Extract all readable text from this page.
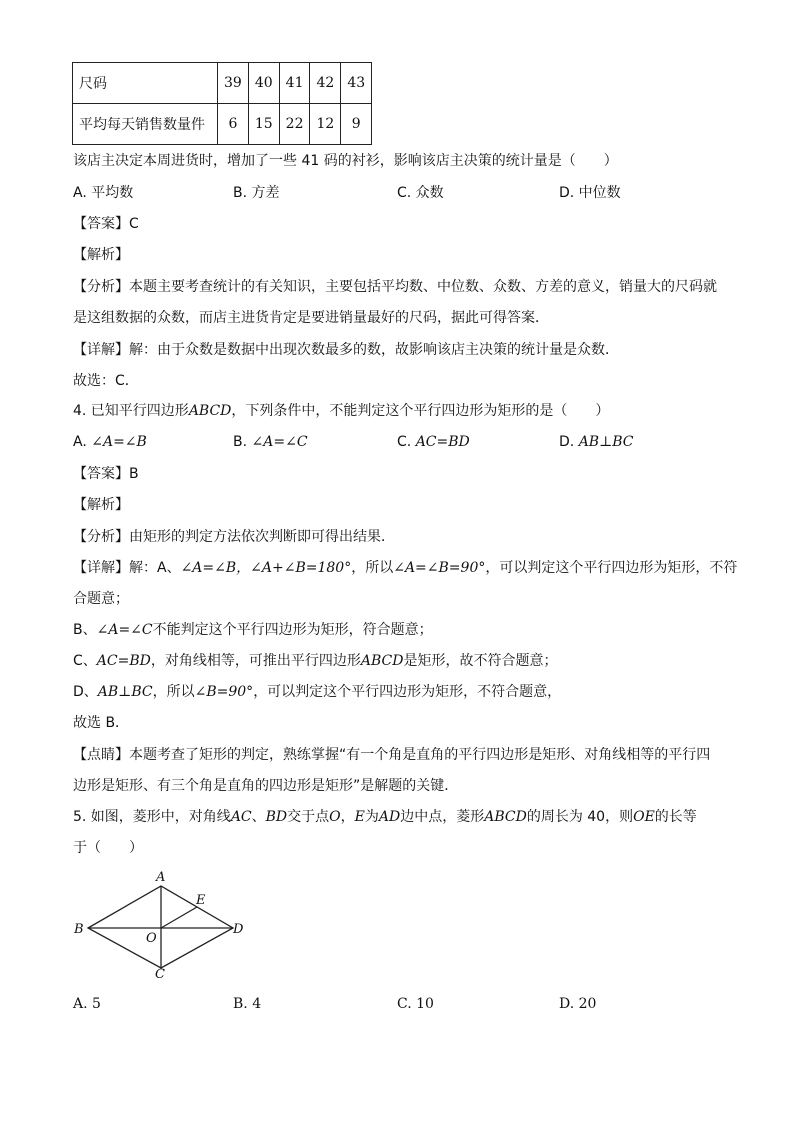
尺码	39	40	41	42	43
平均每天销售数量件	6	15	22	12	9
该店主决定本周进货时，增加了一些 41 码的衬衫，影响该店主决策的统计量是（　　）
A. 平均数	B. 方差	C. 众数	D. 中位数
【答案】C
【解析】
【分析】本题主要考查统计的有关知识，主要包括平均数、中位数、众数、方差的意义，销量大的尺码就
是这组数据的众数，而店主进货肯定是要进销量最好的尺码，据此可得答案．
【详解】解：由于众数是数据中出现次数最多的数，故影响该店主决策的统计量是众数．
故选：C．
4. 已知平行四边形ABCD，下列条件中，不能判定这个平行四边形为矩形的是（　　）
A. ∠A=∠B	B. ∠A=∠C	C. AC=BD	D. AB⊥BC
【答案】B
【解析】
【分析】由矩形的判定方法依次判断即可得出结果．
【详解】解：A、∠A=∠B，∠A+∠B=180°，所以∠A=∠B=90°，可以判定这个平行四边形为矩形，不符
合题意；
B、∠A=∠C不能判定这个平行四边形为矩形，符合题意；
C、AC=BD，对角线相等，可推出平行四边形ABCD是矩形，故不符合题意；
D、AB⊥BC，所以∠B=90°，可以判定这个平行四边形为矩形，不符合题意，
故选 B．
【点睛】本题考查了矩形的判定，熟练掌握“有一个角是直角的平行四边形是矩形、对角线相等的平行四
边形是矩形、有三个角是直角的四边形是矩形”是解题的关键．
5. 如图，菱形中，对角线AC、BD交于点O，E为AD边中点，菱形ABCD的周长为 40，则OE的长等
于（　　）
A
B
C
D
E
O
A. 5	B. 4	C. 10	D. 20
